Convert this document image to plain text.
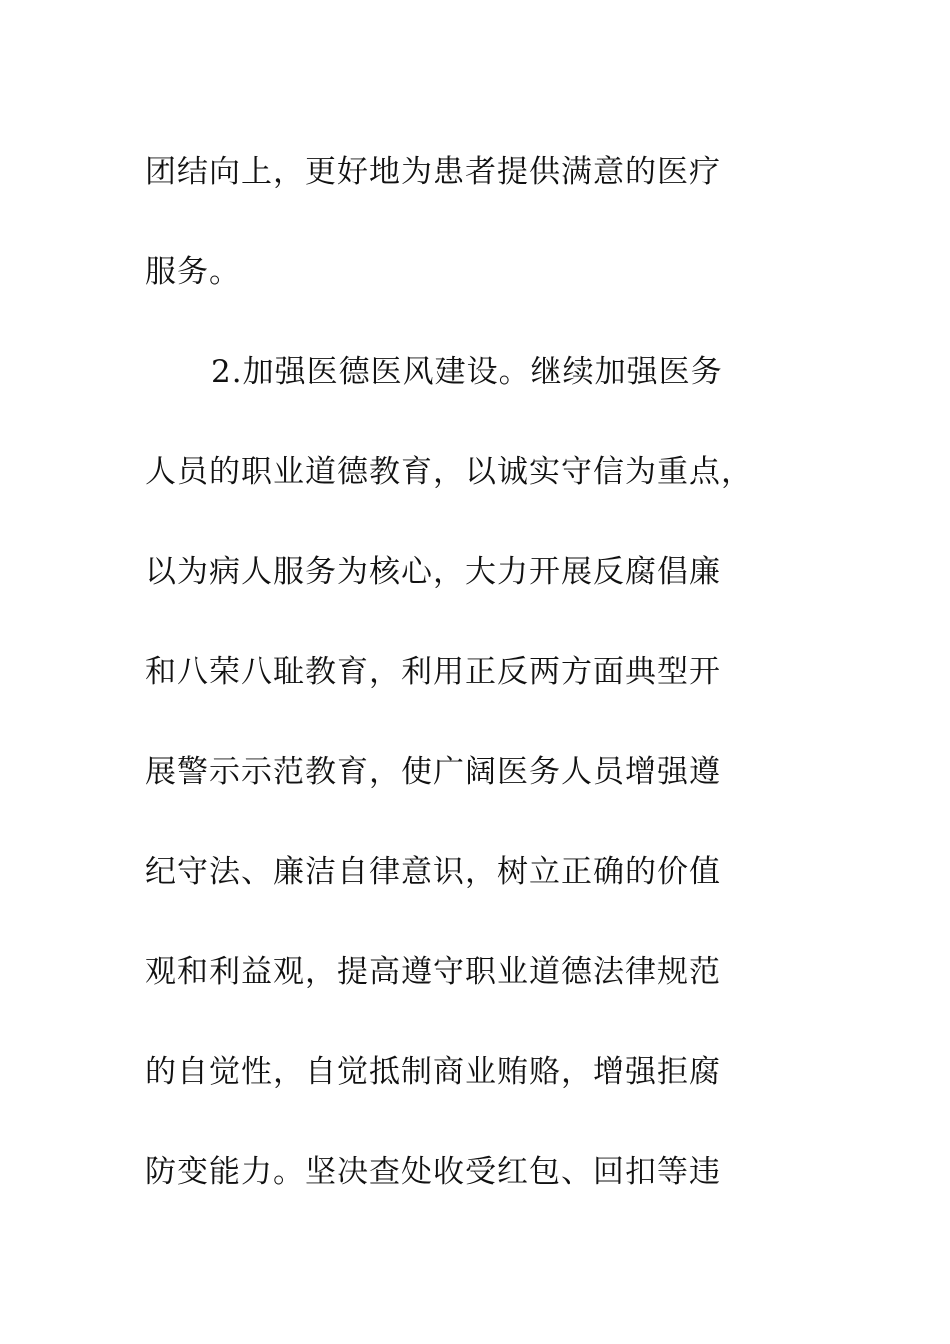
团结向上，更好地为患者提供满意的医疗
服务。
2.加强医德医风建设。继续加强医务
人员的职业道德教育，以诚实守信为重点，
以为病人服务为核心，大力开展反腐倡廉
和八荣八耻教育，利用正反两方面典型开
展警示示范教育，使广阔医务人员增强遵
纪守法、廉洁自律意识，树立正确的价值
观和利益观，提高遵守职业道德法律规范
的自觉性，自觉抵制商业贿赂，增强拒腐
防变能力。坚决查处收受红包、回扣等违
